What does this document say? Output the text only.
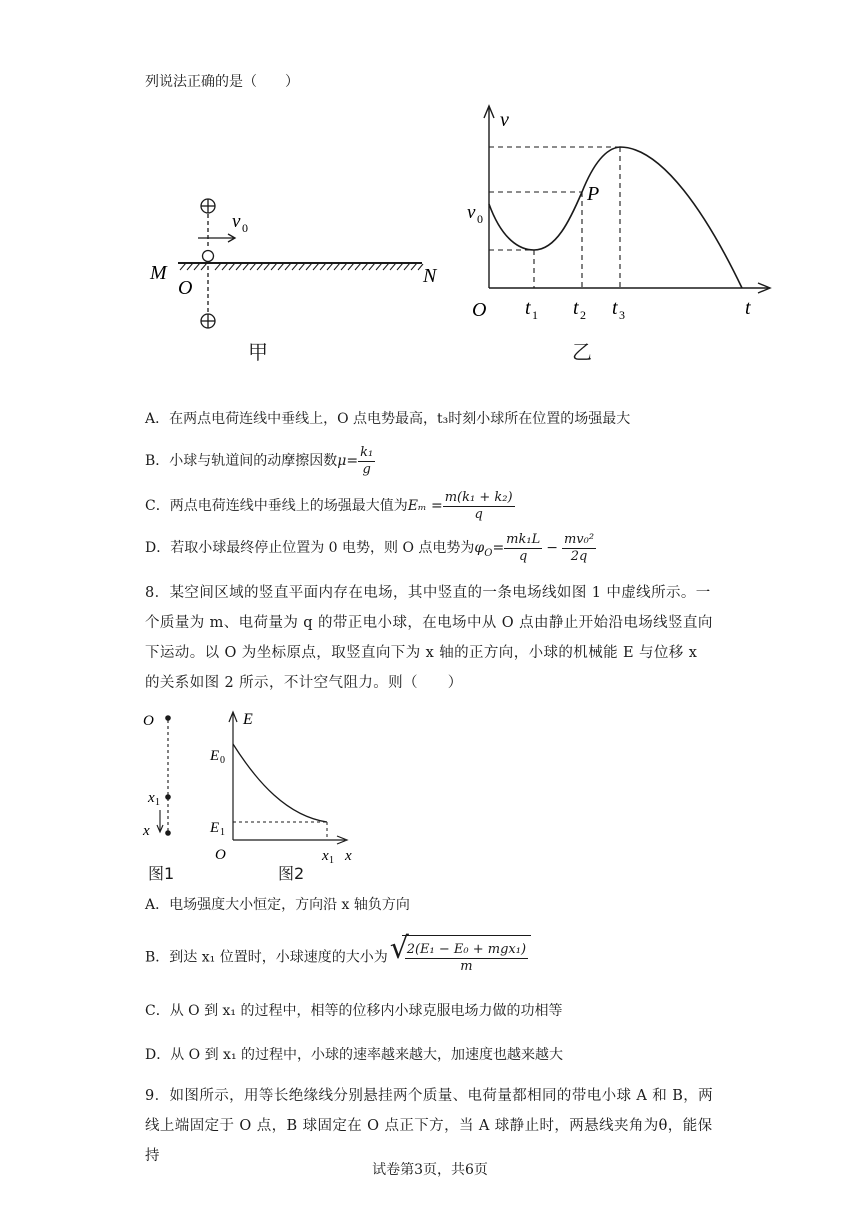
列说法正确的是（　　）
v 0
M	N
O
甲
v
t
O
v 0
P
t 1 t 2 t 3
乙
A．在两点电荷连线中垂线上，O 点电势最高，t₃时刻小球所在位置的场强最大
B．小球与轨道间的动摩擦因数$\mu= \frac{\text{k₁}}{g}$
C．两点电荷连线中垂线上的场强最大值为$E_m = \frac{\text{m(k₁ + k₂)}}{q}$
D．若取小球最终停止位置为 0 电势，则 O 点电势为$\varphi_O= \frac{\text{mk₁L}}{q} - \frac{\text{mv₀²}}{2q}$
8．某空间区域的竖直平面内存在电场，其中竖直的一条电场线如图 1 中虚线所示。一个质量为 m、电荷量为 q 的带正电小球，在电场中从 O 点由静止开始沿电场线竖直向下运动。以 O 为坐标原点，取竖直向下为 x 轴的正方向，小球的机械能 E 与位移 x 的关系如图 2 所示，不计空气阻力。则（　　）
O
x 1
x
图1
E
E 0
E 1
O	x 1 x
图2
A．电场强度大小恒定，方向沿 x 轴负方向
B．到达 x₁ 位置时，小球速度的大小为
√ $\frac{\text{2(E₁ − E₀ + mgx₁)}}{m}$
C．从 O 到 x₁ 的过程中，相等的位移内小球克服电场力做的功相等
D．从 O 到 x₁ 的过程中，小球的速率越来越大，加速度也越来越大
9．如图所示，用等长绝缘线分别悬挂两个质量、电荷量都相同的带电小球 A 和 B，两线上端固定于 O 点，B 球固定在 O 点正下方，当 A 球静止时，两悬线夹角为θ，能保持
试卷第3页，共6页
